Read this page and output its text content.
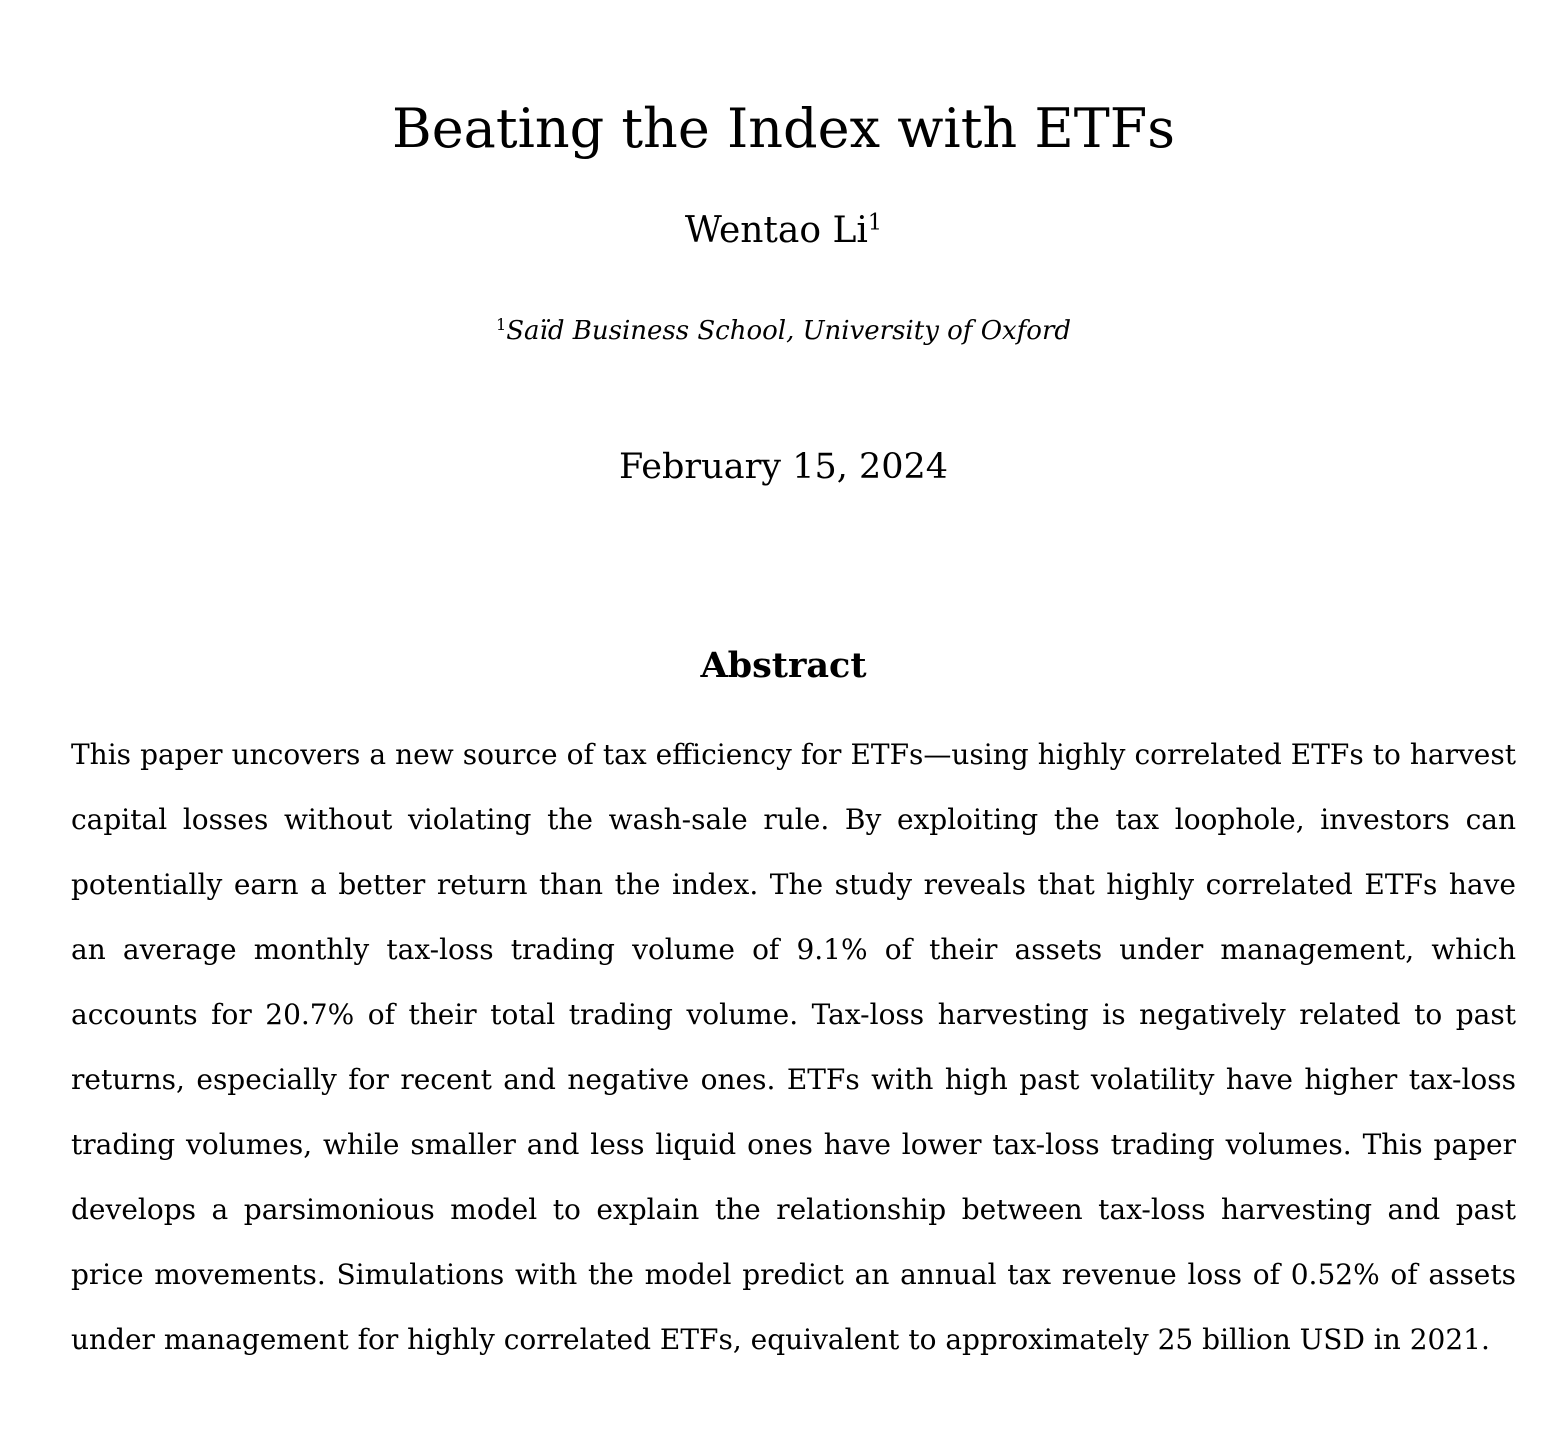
Beating the Index with ETFs
Wentao Li$^1$
$^1$Saïd Business School, University of Oxford
February 15, 2024
Abstract

This paper uncovers a new source of tax efficiency for ETFs—using highly correlated ETFs to harvest capital losses without violating the wash-sale rule. By exploiting the tax loophole, investors can potentially earn a better return than the index. The study reveals that highly correlated ETFs have an average monthly tax-loss trading volume of 9.1% of their assets under management, which accounts for 20.7% of their total trading volume. Tax-loss harvesting is negatively related to past returns, especially for recent and negative ones. ETFs with high past volatility have higher tax-loss trading volumes, while smaller and less liquid ones have lower tax-loss trading volumes. This paper develops a parsimonious model to explain the relationship between tax-loss harvesting and past price movements. Simulations with the model predict an annual tax revenue loss of 0.52% of assets under management for highly correlated ETFs, equivalent to approximately 25 billion USD in 2021.
